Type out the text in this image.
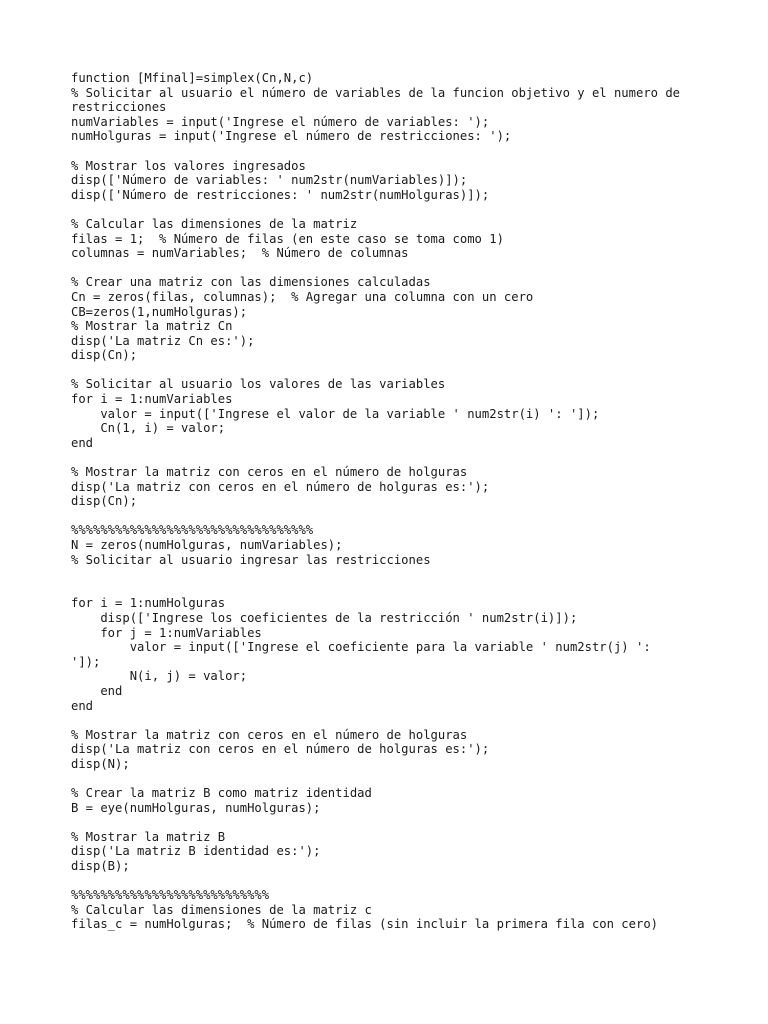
function [Mfinal]=simplex(Cn,N,c)
% Solicitar al usuario el número de variables de la funcion objetivo y el numero de
restricciones
numVariables = input('Ingrese el número de variables: ');
numHolguras = input('Ingrese el número de restricciones: ');
% Mostrar los valores ingresados
disp(['Número de variables: ' num2str(numVariables)]);
disp(['Número de restricciones: ' num2str(numHolguras)]);
% Calcular las dimensiones de la matriz
filas = 1;  % Número de filas (en este caso se toma como 1)
columnas = numVariables;  % Número de columnas
% Crear una matriz con las dimensiones calculadas
Cn = zeros(filas, columnas);  % Agregar una columna con un cero
CB=zeros(1,numHolguras);
% Mostrar la matriz Cn
disp('La matriz Cn es:');
disp(Cn);
% Solicitar al usuario los valores de las variables
for i = 1:numVariables
valor = input(['Ingrese el valor de la variable ' num2str(i) ': ']);
Cn(1, i) = valor;
end
% Mostrar la matriz con ceros en el número de holguras
disp('La matriz con ceros en el número de holguras es:');
disp(Cn);
%%%%%%%%%%%%%%%%%%%%%%%%%%%%%%%%%
N = zeros(numHolguras, numVariables);
% Solicitar al usuario ingresar las restricciones
for i = 1:numHolguras
disp(['Ingrese los coeficientes de la restricción ' num2str(i)]);
for j = 1:numVariables
valor = input(['Ingrese el coeficiente para la variable ' num2str(j) ':
']);
N(i, j) = valor;
end
end
% Mostrar la matriz con ceros en el número de holguras
disp('La matriz con ceros en el número de holguras es:');
disp(N);
% Crear la matriz B como matriz identidad
B = eye(numHolguras, numHolguras);
% Mostrar la matriz B
disp('La matriz B identidad es:');
disp(B);
%%%%%%%%%%%%%%%%%%%%%%%%%%%
% Calcular las dimensiones de la matriz c
filas_c = numHolguras;  % Número de filas (sin incluir la primera fila con cero)
